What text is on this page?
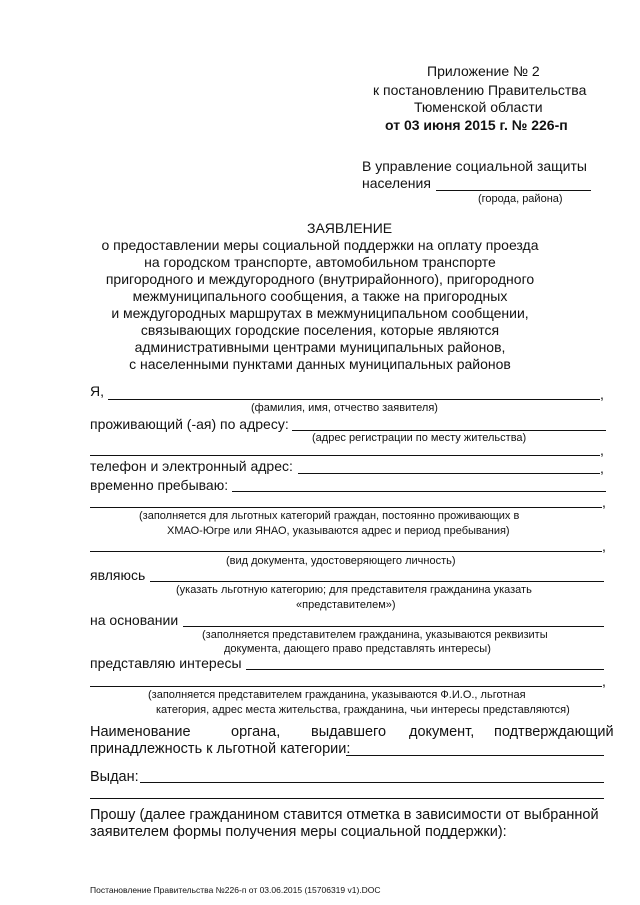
Приложение № 2
к постановлению Правительства
Тюменской области
от 03 июня 2015 г. № 226-п
В управление социальной защиты
населения
(города, района)
ЗАЯВЛЕНИЕ
о предоставлении меры социальной поддержки на оплату проезда
на городском транспорте, автомобильном транспорте
пригородного и междугородного (внутрирайонного), пригородного
межмуниципального сообщения, а также на пригородных
и междугородных маршрутах в межмуниципальном сообщении,
связывающих городские поселения, которые являются
административными центрами муниципальных районов,
с населенными пунктами данных муниципальных районов
Я,	,
(фамилия, имя, отчество заявителя)
проживающий (-ая) по адресу:
(адрес регистрации по месту жительства)
,
телефон и электронный адрес:	,
временно пребываю:
,
(заполняется для льготных категорий граждан, постоянно проживающих в
ХМАО-Югре или ЯНАО, указываются адрес и период пребывания)
,
(вид документа, удостоверяющего личность)
являюсь
(указать льготную категорию; для представителя гражданина указать
«представителем»)
на основании
(заполняется представителем гражданина, указываются реквизиты
документа, дающего право представлять интересы)
представляю интересы
,
(заполняется представителем гражданина, указываются Ф.И.О., льготная
категория, адрес места жительства, гражданина, чьи интересы представляются)
Наименование	органа, выдавшего документ, подтверждающий
принадлежность к льготной категории:
Выдан:
Прошу (далее гражданином ставится отметка в зависимости от выбранной
заявителем формы получения меры социальной поддержки):
Постановление Правительства №226-п от 03.06.2015 (15706319 v1).DOC
